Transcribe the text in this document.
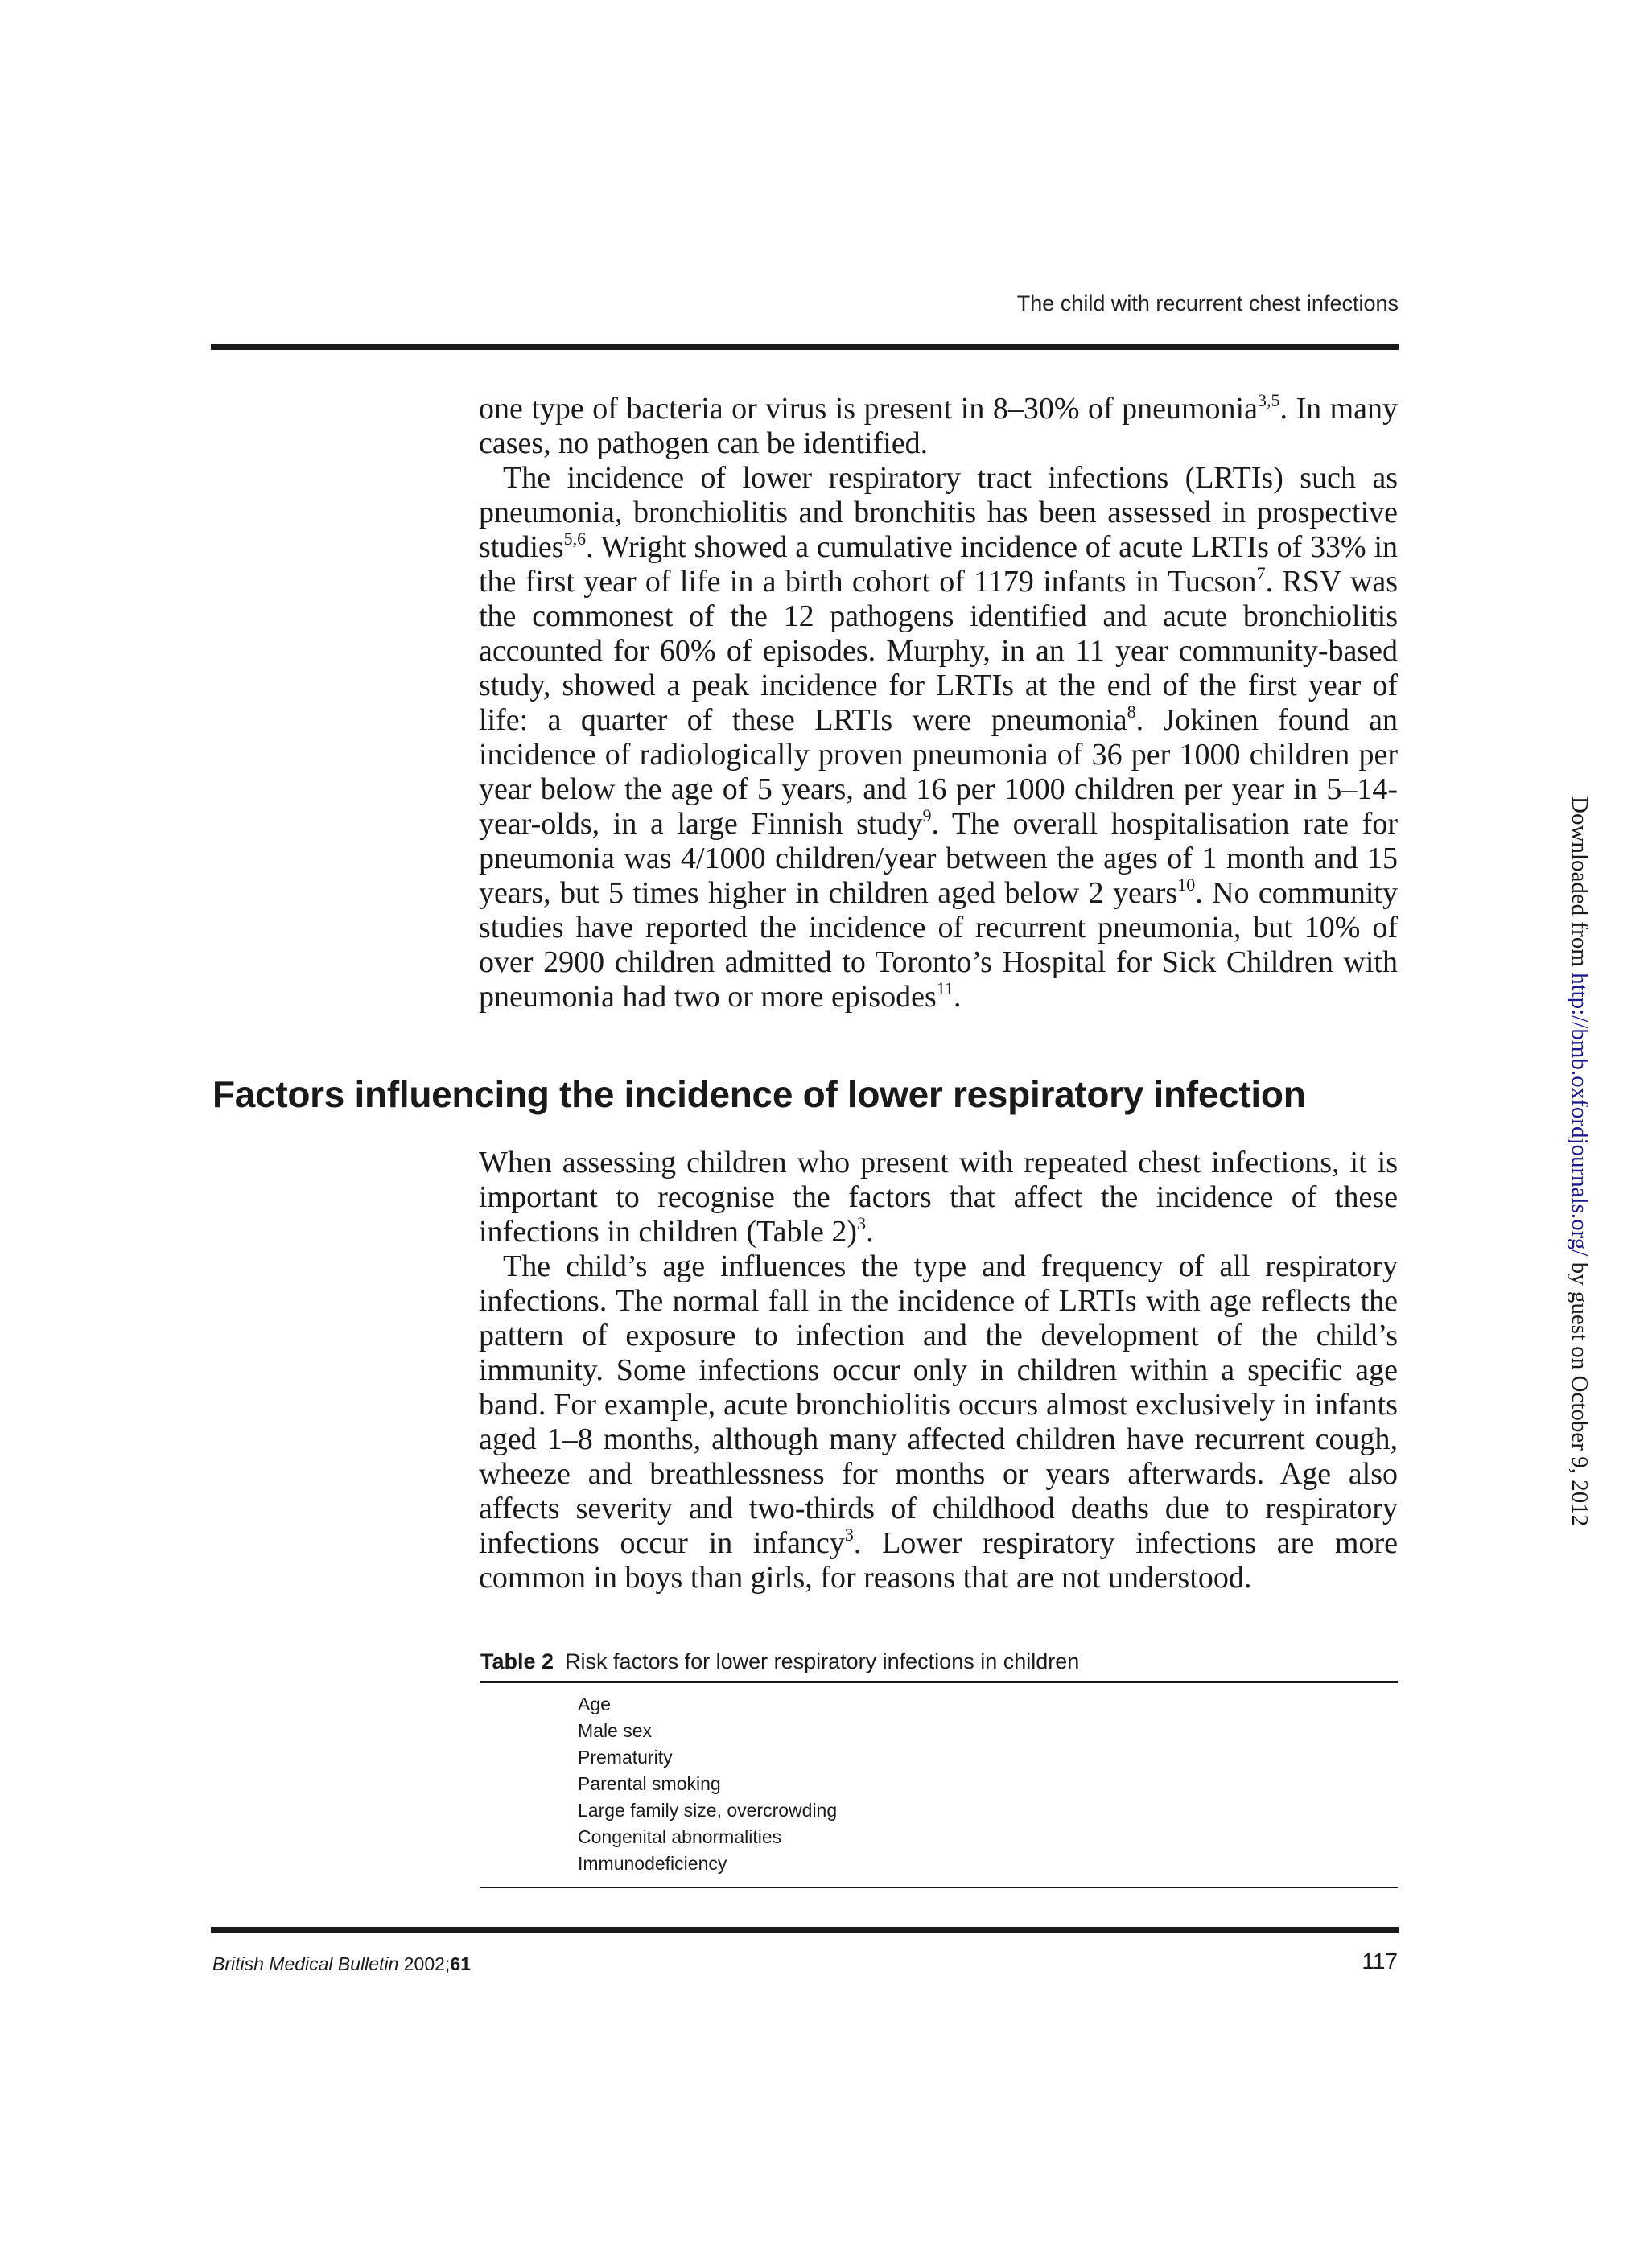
The child with recurrent chest infections

one type of bacteria or virus is present in 8–30% of pneumonia$^{3,5}$. In many cases, no pathogen can be identified.

The incidence of lower respiratory tract infections (LRTIs) such as pneumonia, bronchiolitis and bronchitis has been assessed in prospective studies$^{5,6}$. Wright showed a cumulative incidence of acute LRTIs of 33% in the first year of life in a birth cohort of 1179 infants in Tucson$^7$. RSV was the commonest of the 12 pathogens identified and acute bronchiolitis accounted for 60% of episodes. Murphy, in an 11 year community-based study, showed a peak incidence for LRTIs at the end of the first year of life: a quarter of these LRTIs were pneumonia$^8$. Jokinen found an incidence of radiologically proven pneumonia of 36 per 1000 children per year below the age of 5 years, and 16 per 1000 children per year in 5–14-year-olds, in a large Finnish study$^9$. The overall hospitalisation rate for pneumonia was 4/1000 children/year between the ages of 1 month and 15 years, but 5 times higher in children aged below 2 years$^{10}$. No community studies have reported the incidence of recurrent pneumonia, but 10% of over 2900 children admitted to Toronto’s Hospital for Sick Children with pneumonia had two or more episodes$^{11}$.

Factors influencing the incidence of lower respiratory infection

When assessing children who present with repeated chest infections, it is important to recognise the factors that affect the incidence of these infections in children (Table 2)$^3$.

The child’s age influences the type and frequency of all respiratory infections. The normal fall in the incidence of LRTIs with age reflects the pattern of exposure to infection and the development of the child’s immunity. Some infections occur only in children within a specific age band. For example, acute bronchiolitis occurs almost exclusively in infants aged 1–8 months, although many affected children have recurrent cough, wheeze and breathlessness for months or years afterwards. Age also affects severity and two-thirds of childhood deaths due to respiratory infections occur in infancy$^3$. Lower respiratory infections are more common in boys than girls, for reasons that are not understood.

Table 2 Risk factors for lower respiratory infections in children
Age
Male sex
Prematurity
Parental smoking
Large family size, overcrowding
Congenital abnormalities
Immunodeficiency
British Medical Bulletin 2002;61	117
Downloaded from http://bmb.oxfordjournals.org/ by guest on October 9, 2012
